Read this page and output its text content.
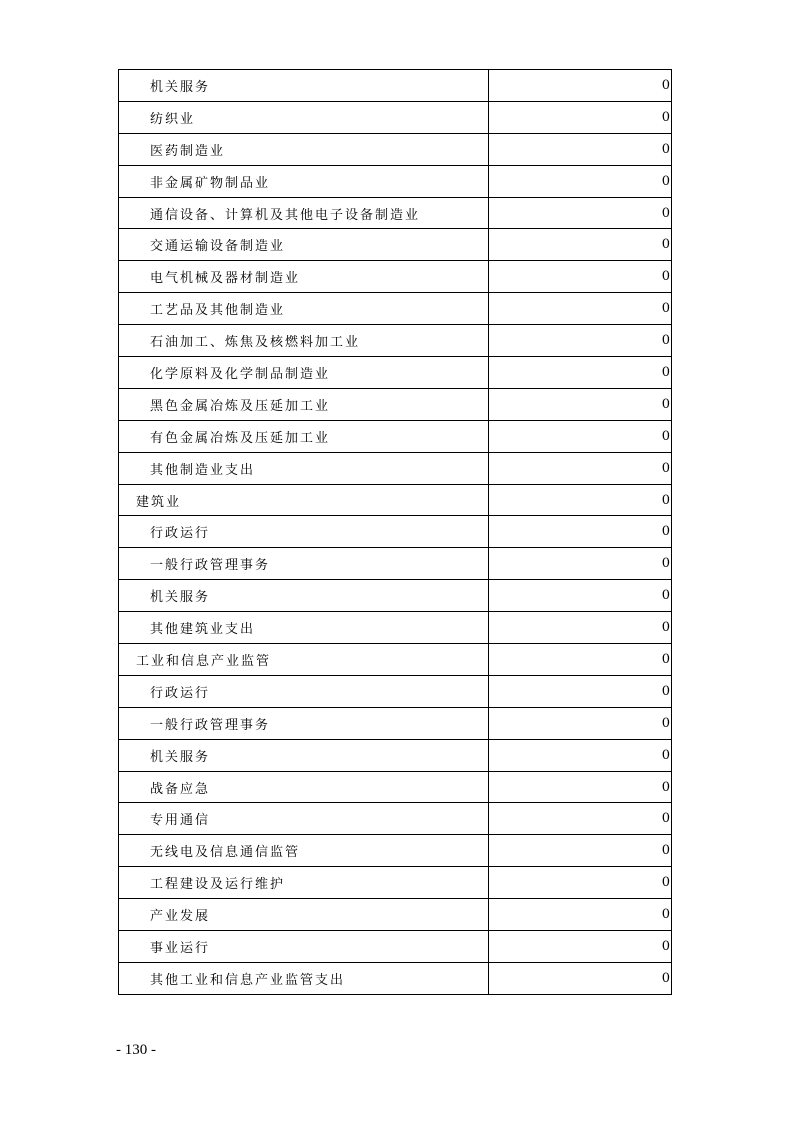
机关服务	0
纺织业	0
医药制造业	0
非金属矿物制品业	0
通信设备、计算机及其他电子设备制造业	0
交通运输设备制造业	0
电气机械及器材制造业	0
工艺品及其他制造业	0
石油加工、炼焦及核燃料加工业	0
化学原料及化学制品制造业	0
黑色金属冶炼及压延加工业	0
有色金属冶炼及压延加工业	0
其他制造业支出	0
建筑业	0
行政运行	0
一般行政管理事务	0
机关服务	0
其他建筑业支出	0
工业和信息产业监管	0
行政运行	0
一般行政管理事务	0
机关服务	0
战备应急	0
专用通信	0
无线电及信息通信监管	0
工程建设及运行维护	0
产业发展	0
事业运行	0
其他工业和信息产业监管支出	0
- 130 -
